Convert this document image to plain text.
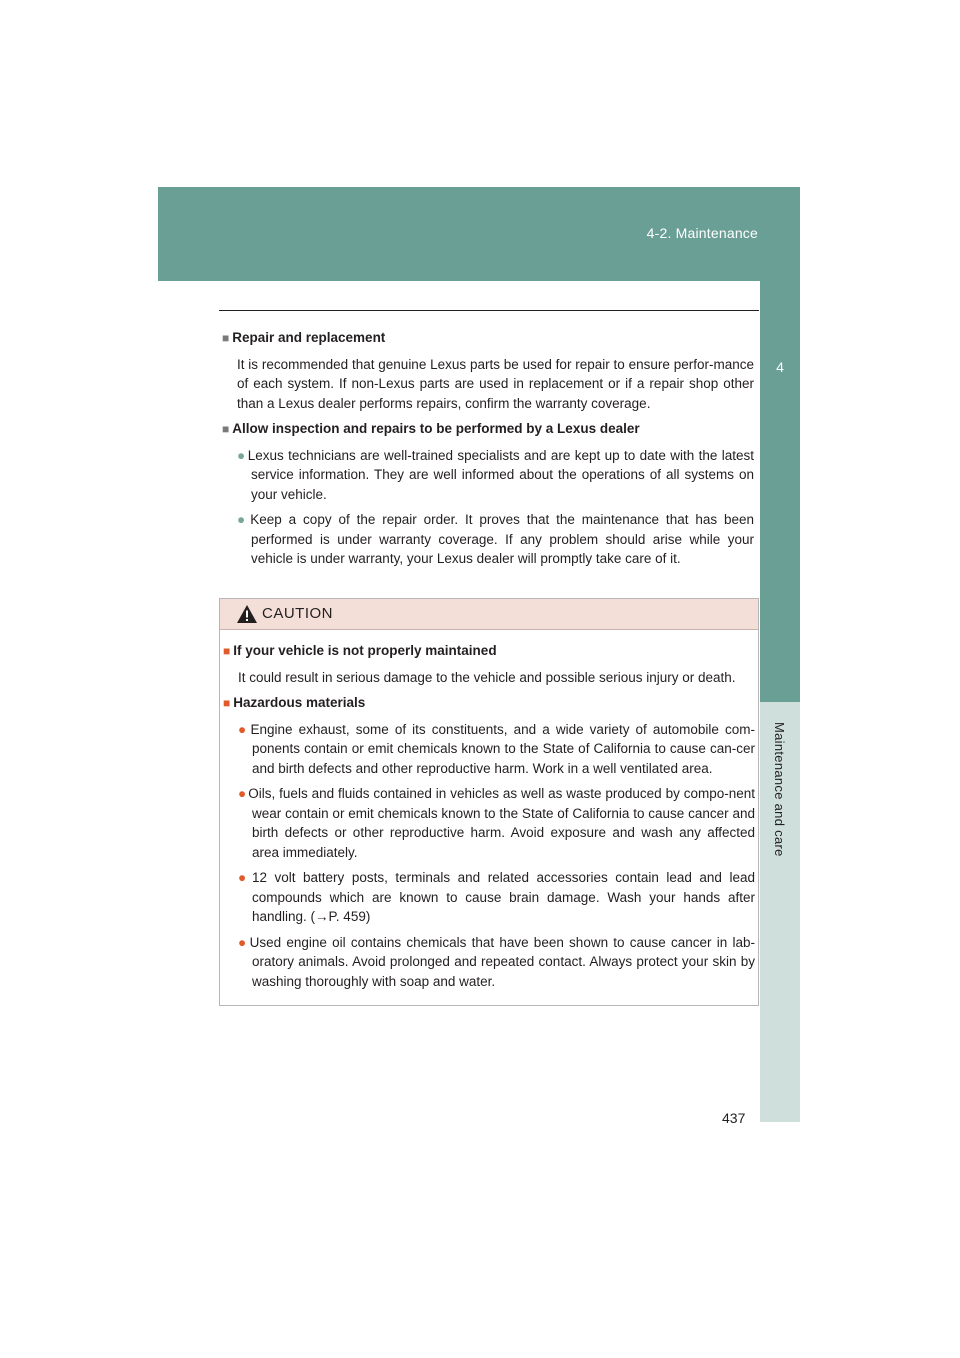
4-2. Maintenance
4
Maintenance and care
■ Repair and replacement

It is recommended that genuine Lexus parts be used for repair to ensure perfor-mance of each system. If non-Lexus parts are used in replacement or if a repair shop other than a Lexus dealer performs repairs, confirm the warranty coverage.

■ Allow inspection and repairs to be performed by a Lexus dealer

● Lexus technicians are well-trained specialists and are kept up to date with the latest service information. They are well informed about the operations of all systems on your vehicle.

● Keep a copy of the repair order. It proves that the maintenance that has been performed is under warranty coverage. If any problem should arise while your vehicle is under warranty, your Lexus dealer will promptly take care of it.

CAUTION
■ If your vehicle is not properly maintained

It could result in serious damage to the vehicle and possible serious injury or death.

■ Hazardous materials

● Engine exhaust, some of its constituents, and a wide variety of automobile com-ponents contain or emit chemicals known to the State of California to cause can-cer and birth defects and other reproductive harm. Work in a well ventilated area.

● Oils, fuels and fluids contained in vehicles as well as waste produced by compo-nent wear contain or emit chemicals known to the State of California to cause cancer and birth defects or other reproductive harm. Avoid exposure and wash any affected area immediately.

● 12 volt battery posts, terminals and related accessories contain lead and lead compounds which are known to cause brain damage. Wash your hands after handling. (→P. 459)

● Used engine oil contains chemicals that have been shown to cause cancer in lab-oratory animals. Avoid prolonged and repeated contact. Always protect your skin by washing thoroughly with soap and water.

437
